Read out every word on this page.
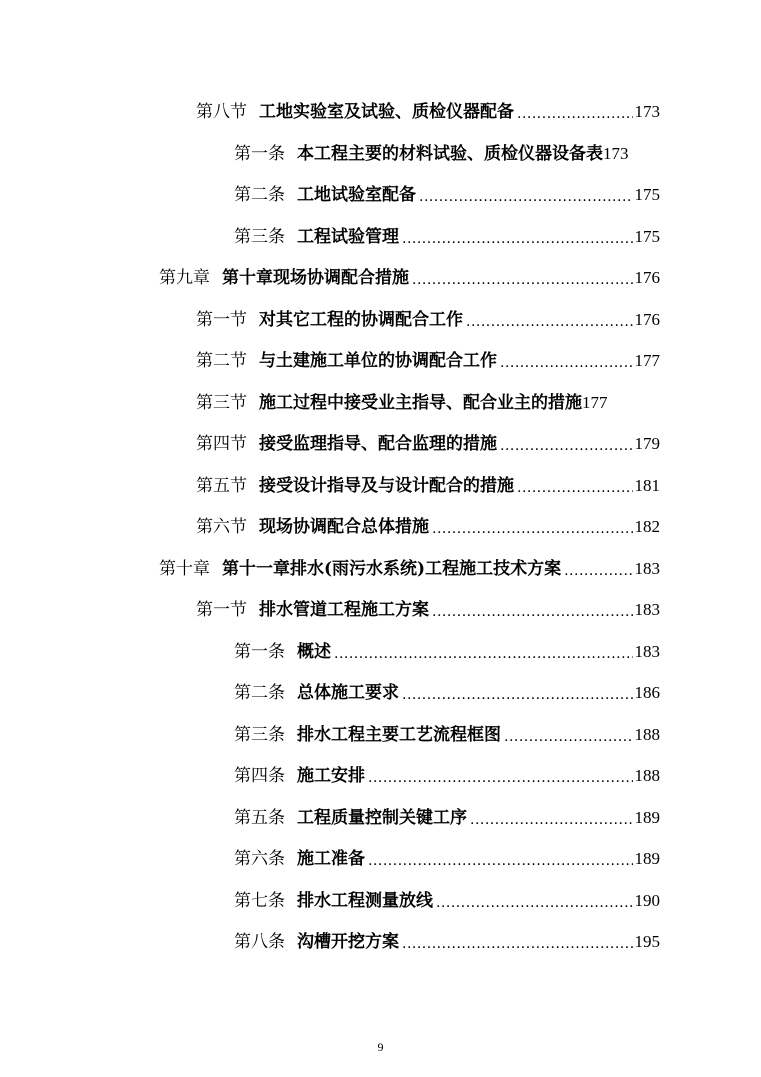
第八节 工地实验室及试验、质检仪器配备 .....	173
第一条 本工程主要的材料试验、质检仪器设备表 173
第二条 工地试验室配备 .....	175
第三条 工程试验管理 .....	175
第九章 第十章现场协调配合措施 .....	176
第一节 对其它工程的协调配合工作 .....	176
第二节 与土建施工单位的协调配合工作 .....	177
第三节 施工过程中接受业主指导、配合业主的措施 177
第四节 接受监理指导、配合监理的措施 .....	179
第五节 接受设计指导及与设计配合的措施 .....	181
第六节 现场协调配合总体措施 .....	182
第十章 第十一章排水(雨污水系统)工程施工技术方案 .....	183
第一节 排水管道工程施工方案 .....	183
第一条 概述 .....	183
第二条 总体施工要求 .....	186
第三条 排水工程主要工艺流程框图 .....	188
第四条 施工安排 .....	188
第五条 工程质量控制关键工序 .....	189
第六条 施工准备 .....	189
第七条 排水工程测量放线 .....	190
第八条 沟槽开挖方案 .....	195
9
